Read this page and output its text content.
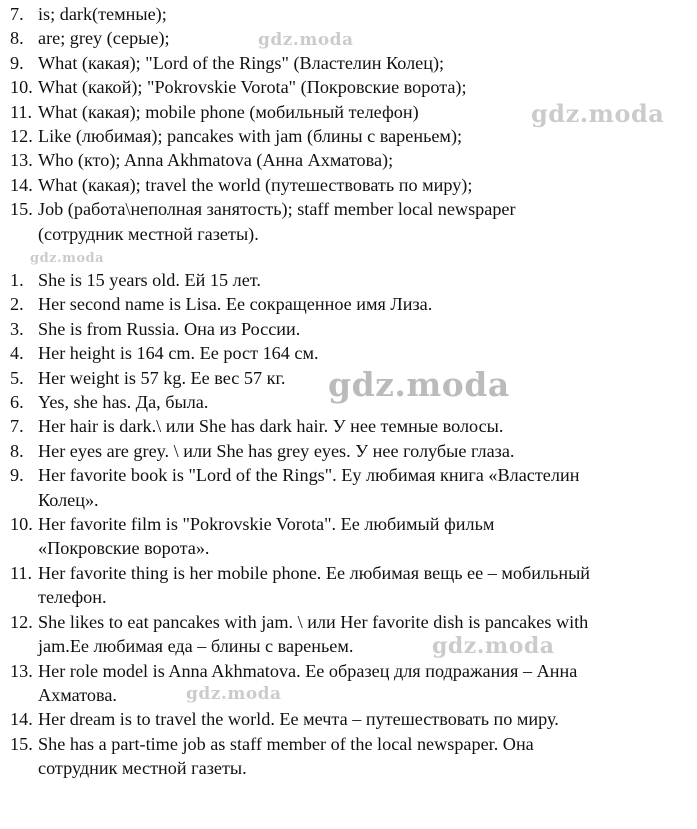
7. is; dark(темные);
8. are; grey (серые);
9. What (какая); "Lord of the Rings" (Властелин Колец);
10. What (какой); "Pokrovskie Vorota" (Покровские ворота);
11. What (какая); mobile phone (мобильный телефон)
12. Like (любимая); pancakes with jam (блины с вареньем);
13. Who (кто); Anna Akhmatova (Анна Ахматова);
14. What (какая); travel the world (путешествовать по миру);
15. Job (работа\неполная занятость); staff member local newspaper
(сотрудник местной газеты).
1. She is 15 years old. Ей 15 лет.
2. Her second name is Lisa. Ее сокращенное имя Лиза.
3. She is from Russia. Она из России.
4. Her height is 164 cm. Ее рост 164 см.
5. Her weight is 57 kg. Ее вес 57 кг.
6. Yes, she has. Да, была.
7. Her hair is dark.\ или She has dark hair. У нее темные волосы.
8. Her eyes are grey. \ или She has grey eyes. У нее голубые глаза.
9. Her favorite book is "Lord of the Rings". Еу любимая книга «Властелин
Колец».
10. Her favorite film is "Pokrovskie Vorota". Ее любимый фильм
«Покровские ворота».
11. Her favorite thing is her mobile phone. Ее любимая вещь ее – мобильный
телефон.
12. She likes to eat pancakes with jam. \ или Her favorite dish is pancakes with
jam.Ее любимая еда – блины с вареньем.
13. Her role model is Anna Akhmatova. Ее образец для подражания – Анна
Ахматова.
14. Her dream is to travel the world. Ее мечта – путешествовать по миру.
15. She has a part-time job as staff member of the local newspaper. Она
сотрудник местной газеты.
gdz.moda
gdz.moda
gdz.moda
gdz.moda
gdz.moda
gdz.moda
